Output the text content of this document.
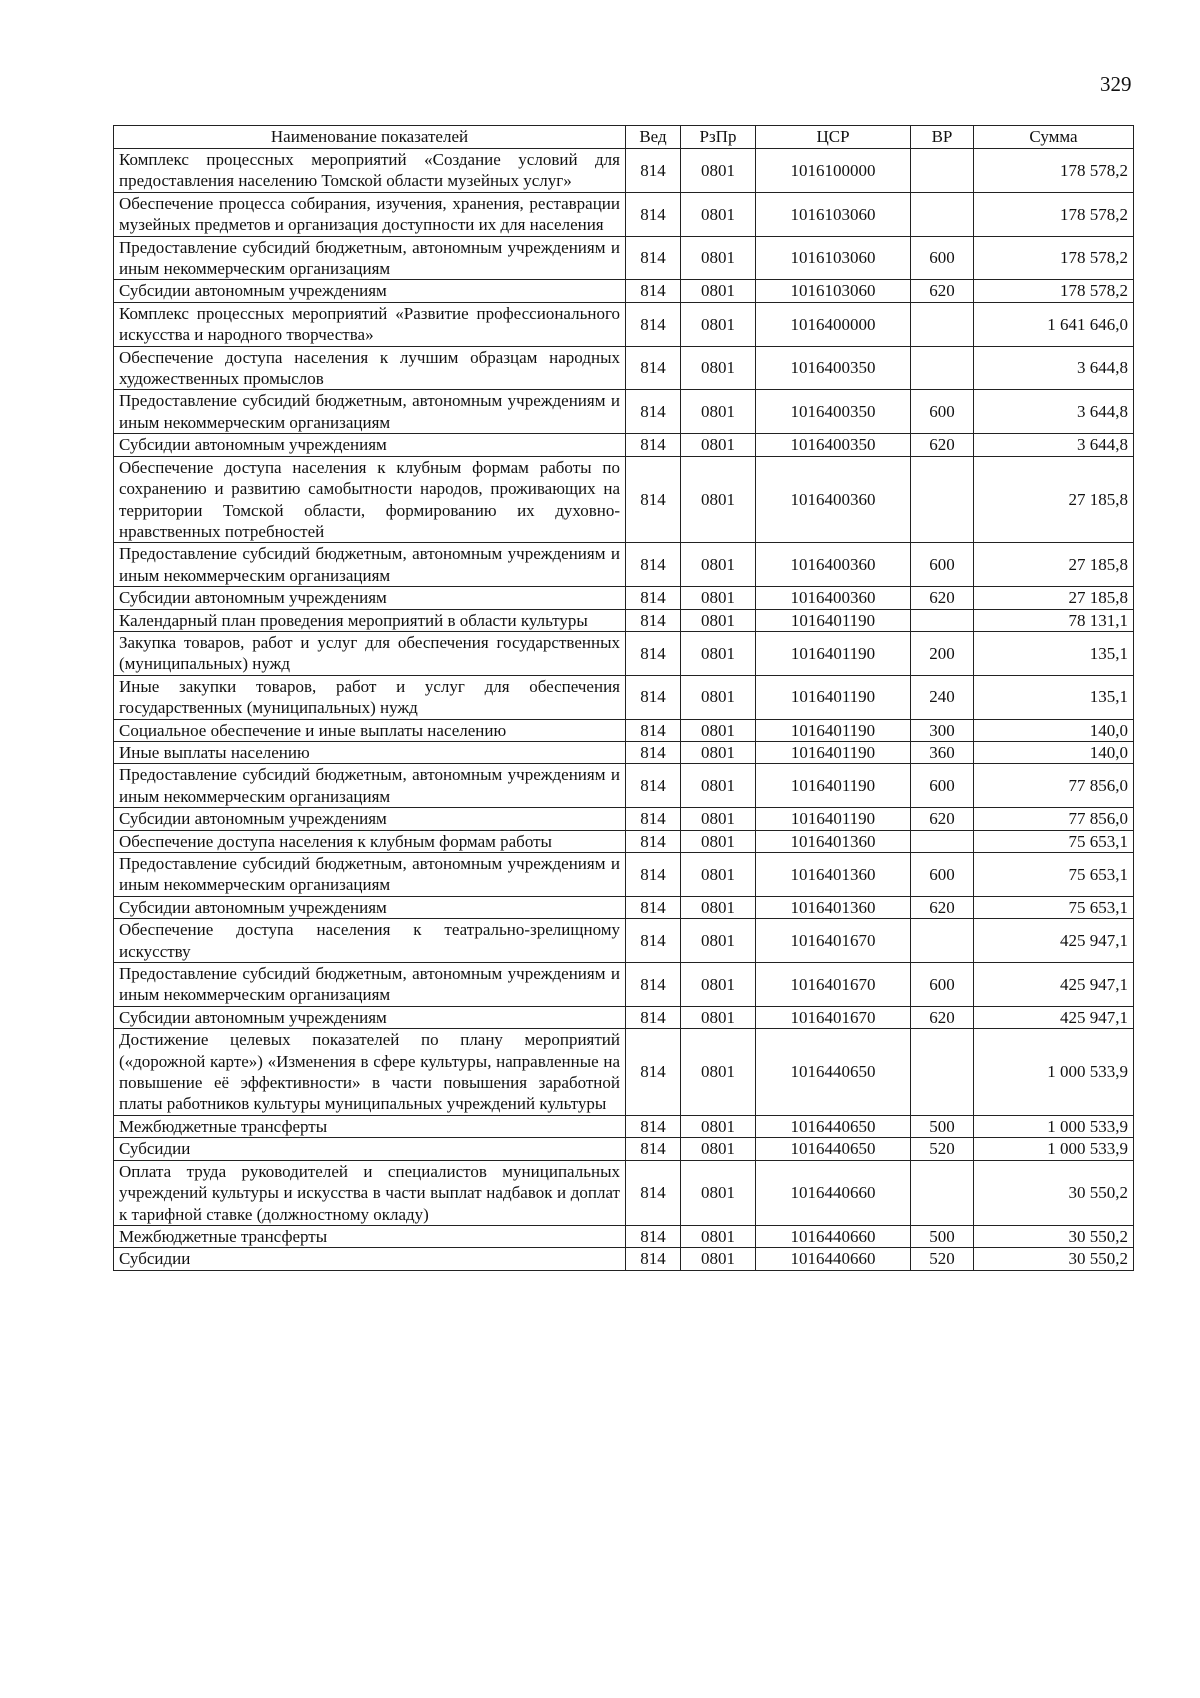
329
Наименование показателей	Вед	РзПр	ЦСР	ВР	Сумма
Комплекс процессных мероприятий «Создание условий для предоставления населению Томской области музейных услуг»	814	0801	1016100000		178 578,2
Обеспечение процесса собирания, изучения, хранения, реставрации музейных предметов и организация доступности их для населения	814	0801	1016103060		178 578,2
Предоставление субсидий бюджетным, автономным учреждениям и иным некоммерческим организациям	814	0801	1016103060	600	178 578,2
Субсидии автономным учреждениям	814	0801	1016103060	620	178 578,2
Комплекс процессных мероприятий «Развитие профессионального искусства и народного творчества»	814	0801	1016400000		1 641 646,0
Обеспечение доступа населения к лучшим образцам народных художественных промыслов	814	0801	1016400350		3 644,8
Предоставление субсидий бюджетным, автономным учреждениям и иным некоммерческим организациям	814	0801	1016400350	600	3 644,8
Субсидии автономным учреждениям	814	0801	1016400350	620	3 644,8
Обеспечение доступа населения к клубным формам работы по сохранению и развитию самобытности народов, проживающих на территории Томской области, формированию их духовно-нравственных потребностей	814	0801	1016400360		27 185,8
Предоставление субсидий бюджетным, автономным учреждениям и иным некоммерческим организациям	814	0801	1016400360	600	27 185,8
Субсидии автономным учреждениям	814	0801	1016400360	620	27 185,8
Календарный план проведения мероприятий в области культуры	814	0801	1016401190		78 131,1
Закупка товаров, работ и услуг для обеспечения государственных (муниципальных) нужд	814	0801	1016401190	200	135,1
Иные закупки товаров, работ и услуг для обеспечения государственных (муниципальных) нужд	814	0801	1016401190	240	135,1
Социальное обеспечение и иные выплаты населению	814	0801	1016401190	300	140,0
Иные выплаты населению	814	0801	1016401190	360	140,0
Предоставление субсидий бюджетным, автономным учреждениям и иным некоммерческим организациям	814	0801	1016401190	600	77 856,0
Субсидии автономным учреждениям	814	0801	1016401190	620	77 856,0
Обеспечение доступа населения к клубным формам работы	814	0801	1016401360		75 653,1
Предоставление субсидий бюджетным, автономным учреждениям и иным некоммерческим организациям	814	0801	1016401360	600	75 653,1
Субсидии автономным учреждениям	814	0801	1016401360	620	75 653,1
Обеспечение доступа населения к театрально-зрелищному искусству	814	0801	1016401670		425 947,1
Предоставление субсидий бюджетным, автономным учреждениям и иным некоммерческим организациям	814	0801	1016401670	600	425 947,1
Субсидии автономным учреждениям	814	0801	1016401670	620	425 947,1
Достижение целевых показателей по плану мероприятий («дорожной карте») «Изменения в сфере культуры, направленные на повышение её эффективности» в части повышения заработной платы работников культуры муниципальных учреждений культуры	814	0801	1016440650		1 000 533,9
Межбюджетные трансферты	814	0801	1016440650	500	1 000 533,9
Субсидии	814	0801	1016440650	520	1 000 533,9
Оплата труда руководителей и специалистов муниципальных учреждений культуры и искусства в части выплат надбавок и доплат к тарифной ставке (должностному окладу)	814	0801	1016440660		30 550,2
Межбюджетные трансферты	814	0801	1016440660	500	30 550,2
Субсидии	814	0801	1016440660	520	30 550,2
